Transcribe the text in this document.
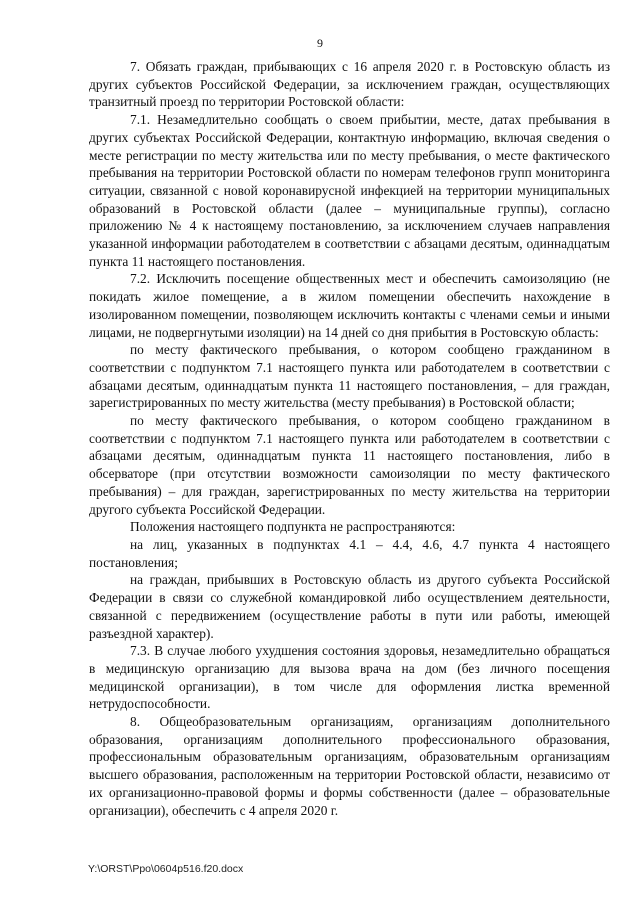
9

7. Обязать граждан, прибывающих с 16 апреля 2020 г. в Ростовскую область из других субъектов Российской Федерации, за исключением граждан, осуществляющих транзитный проезд по территории Ростовской области:

7.1. Незамедлительно сообщать о своем прибытии, месте, датах пребывания в других субъектах Российской Федерации, контактную информацию, включая сведения о месте регистрации по месту жительства или по месту пребывания, о месте фактического пребывания на территории Ростовской области по номерам телефонов групп мониторинга ситуации, связанной с новой коронавирусной инфекцией на территории муниципальных образований в Ростовской области (далее – муниципальные группы), согласно приложению № 4 к настоящему постановлению, за исключением случаев направления указанной информации работодателем в соответствии с абзацами десятым, одиннадцатым пункта 11 настоящего постановления.

7.2. Исключить посещение общественных мест и обеспечить самоизоляцию (не покидать жилое помещение, а в жилом помещении обеспечить нахождение в изолированном помещении, позволяющем исключить контакты с членами семьи и иными лицами, не подвергнутыми изоляции) на 14 дней со дня прибытия в Ростовскую область:

по месту фактического пребывания, о котором сообщено гражданином в соответствии с подпунктом 7.1 настоящего пункта или работодателем в соответствии с абзацами десятым, одиннадцатым пункта 11 настоящего постановления, – для граждан, зарегистрированных по месту жительства (месту пребывания) в Ростовской области;

по месту фактического пребывания, о котором сообщено гражданином в соответствии с подпунктом 7.1 настоящего пункта или работодателем в соответствии с абзацами десятым, одиннадцатым пункта 11 настоящего постановления, либо в обсерваторе (при отсутствии возможности самоизоляции по месту фактического пребывания) – для граждан, зарегистрированных по месту жительства на территории другого субъекта Российской Федерации.

Положения настоящего подпункта не распространяются:

на лиц, указанных в подпунктах 4.1 – 4.4, 4.6, 4.7 пункта 4 настоящего постановления;

на граждан, прибывших в Ростовскую область из другого субъекта Российской Федерации в связи со служебной командировкой либо осуществлением деятельности, связанной с передвижением (осуществление работы в пути или работы, имеющей разъездной характер).

7.3. В случае любого ухудшения состояния здоровья, незамедлительно обращаться в медицинскую организацию для вызова врача на дом (без личного посещения медицинской организации), в том числе для оформления листка временной нетрудоспособности.

8. Общеобразовательным организациям, организациям дополнительного образования, организациям дополнительного профессионального образования, профессиональным образовательным организациям, образовательным организациям высшего образования, расположенным на территории Ростовской области, независимо от их организационно-правовой формы и формы собственности (далее – образовательные организации), обеспечить с 4 апреля 2020 г.

Y:\ORST\Ppo\0604p516.f20.docx
